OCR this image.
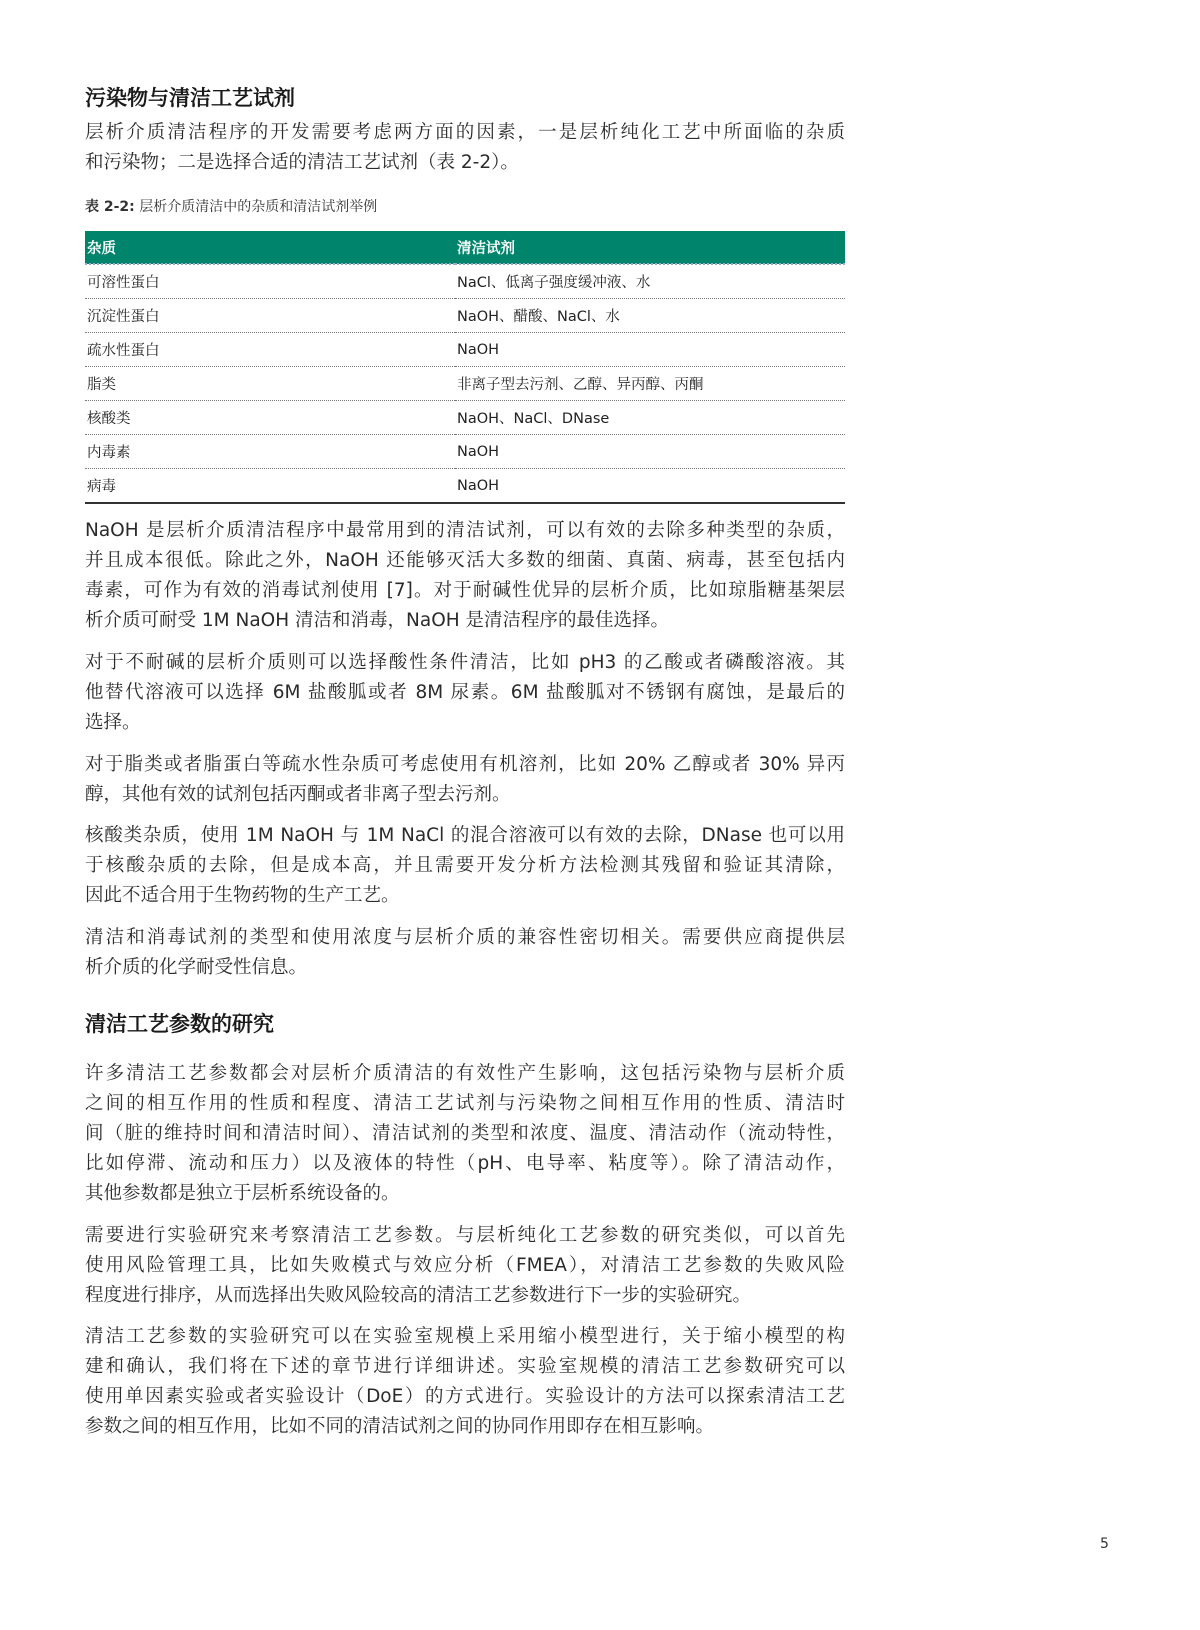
污染物与清洁工艺试剂
层析介质清洁程序的开发需要考虑两方面的因素，一是层析纯化工艺中所面临的杂质
和污染物；二是选择合适的清洁工艺试剂（表 2-2）。
表 2-2: 层析介质清洁中的杂质和清洁试剂举例
杂质	清洁试剂
可溶性蛋白	NaCl、低离子强度缓冲液、水
沉淀性蛋白	NaOH、醋酸、NaCl、水
疏水性蛋白	NaOH
脂类	非离子型去污剂、乙醇、异丙醇、丙酮
核酸类	NaOH、NaCl、DNase
内毒素	NaOH
病毒	NaOH
NaOH 是层析介质清洁程序中最常用到的清洁试剂，可以有效的去除多种类型的杂质，
并且成本很低。除此之外，NaOH 还能够灭活大多数的细菌、真菌、病毒，甚至包括内
毒素，可作为有效的消毒试剂使用 [7]。对于耐碱性优异的层析介质，比如琼脂糖基架层
析介质可耐受 1M NaOH 清洁和消毒，NaOH 是清洁程序的最佳选择。
对于不耐碱的层析介质则可以选择酸性条件清洁，比如 pH3 的乙酸或者磷酸溶液。其
他替代溶液可以选择 6M 盐酸胍或者 8M 尿素。6M 盐酸胍对不锈钢有腐蚀，是最后的
选择。
对于脂类或者脂蛋白等疏水性杂质可考虑使用有机溶剂，比如 20% 乙醇或者 30% 异丙
醇，其他有效的试剂包括丙酮或者非离子型去污剂。
核酸类杂质，使用 1M NaOH 与 1M NaCl 的混合溶液可以有效的去除，DNase 也可以用
于核酸杂质的去除，但是成本高，并且需要开发分析方法检测其残留和验证其清除，
因此不适合用于生物药物的生产工艺。
清洁和消毒试剂的类型和使用浓度与层析介质的兼容性密切相关。需要供应商提供层
析介质的化学耐受性信息。
清洁工艺参数的研究
许多清洁工艺参数都会对层析介质清洁的有效性产生影响，这包括污染物与层析介质
之间的相互作用的性质和程度、清洁工艺试剂与污染物之间相互作用的性质、清洁时
间（脏的维持时间和清洁时间）、清洁试剂的类型和浓度、温度、清洁动作（流动特性，
比如停滞、流动和压力）以及液体的特性（pH、电导率、粘度等）。除了清洁动作，
其他参数都是独立于层析系统设备的。
需要进行实验研究来考察清洁工艺参数。与层析纯化工艺参数的研究类似，可以首先
使用风险管理工具，比如失败模式与效应分析（FMEA），对清洁工艺参数的失败风险
程度进行排序，从而选择出失败风险较高的清洁工艺参数进行下一步的实验研究。
清洁工艺参数的实验研究可以在实验室规模上采用缩小模型进行，关于缩小模型的构
建和确认，我们将在下述的章节进行详细讲述。实验室规模的清洁工艺参数研究可以
使用单因素实验或者实验设计（DoE）的方式进行。实验设计的方法可以探索清洁工艺
参数之间的相互作用，比如不同的清洁试剂之间的协同作用即存在相互影响。
5
